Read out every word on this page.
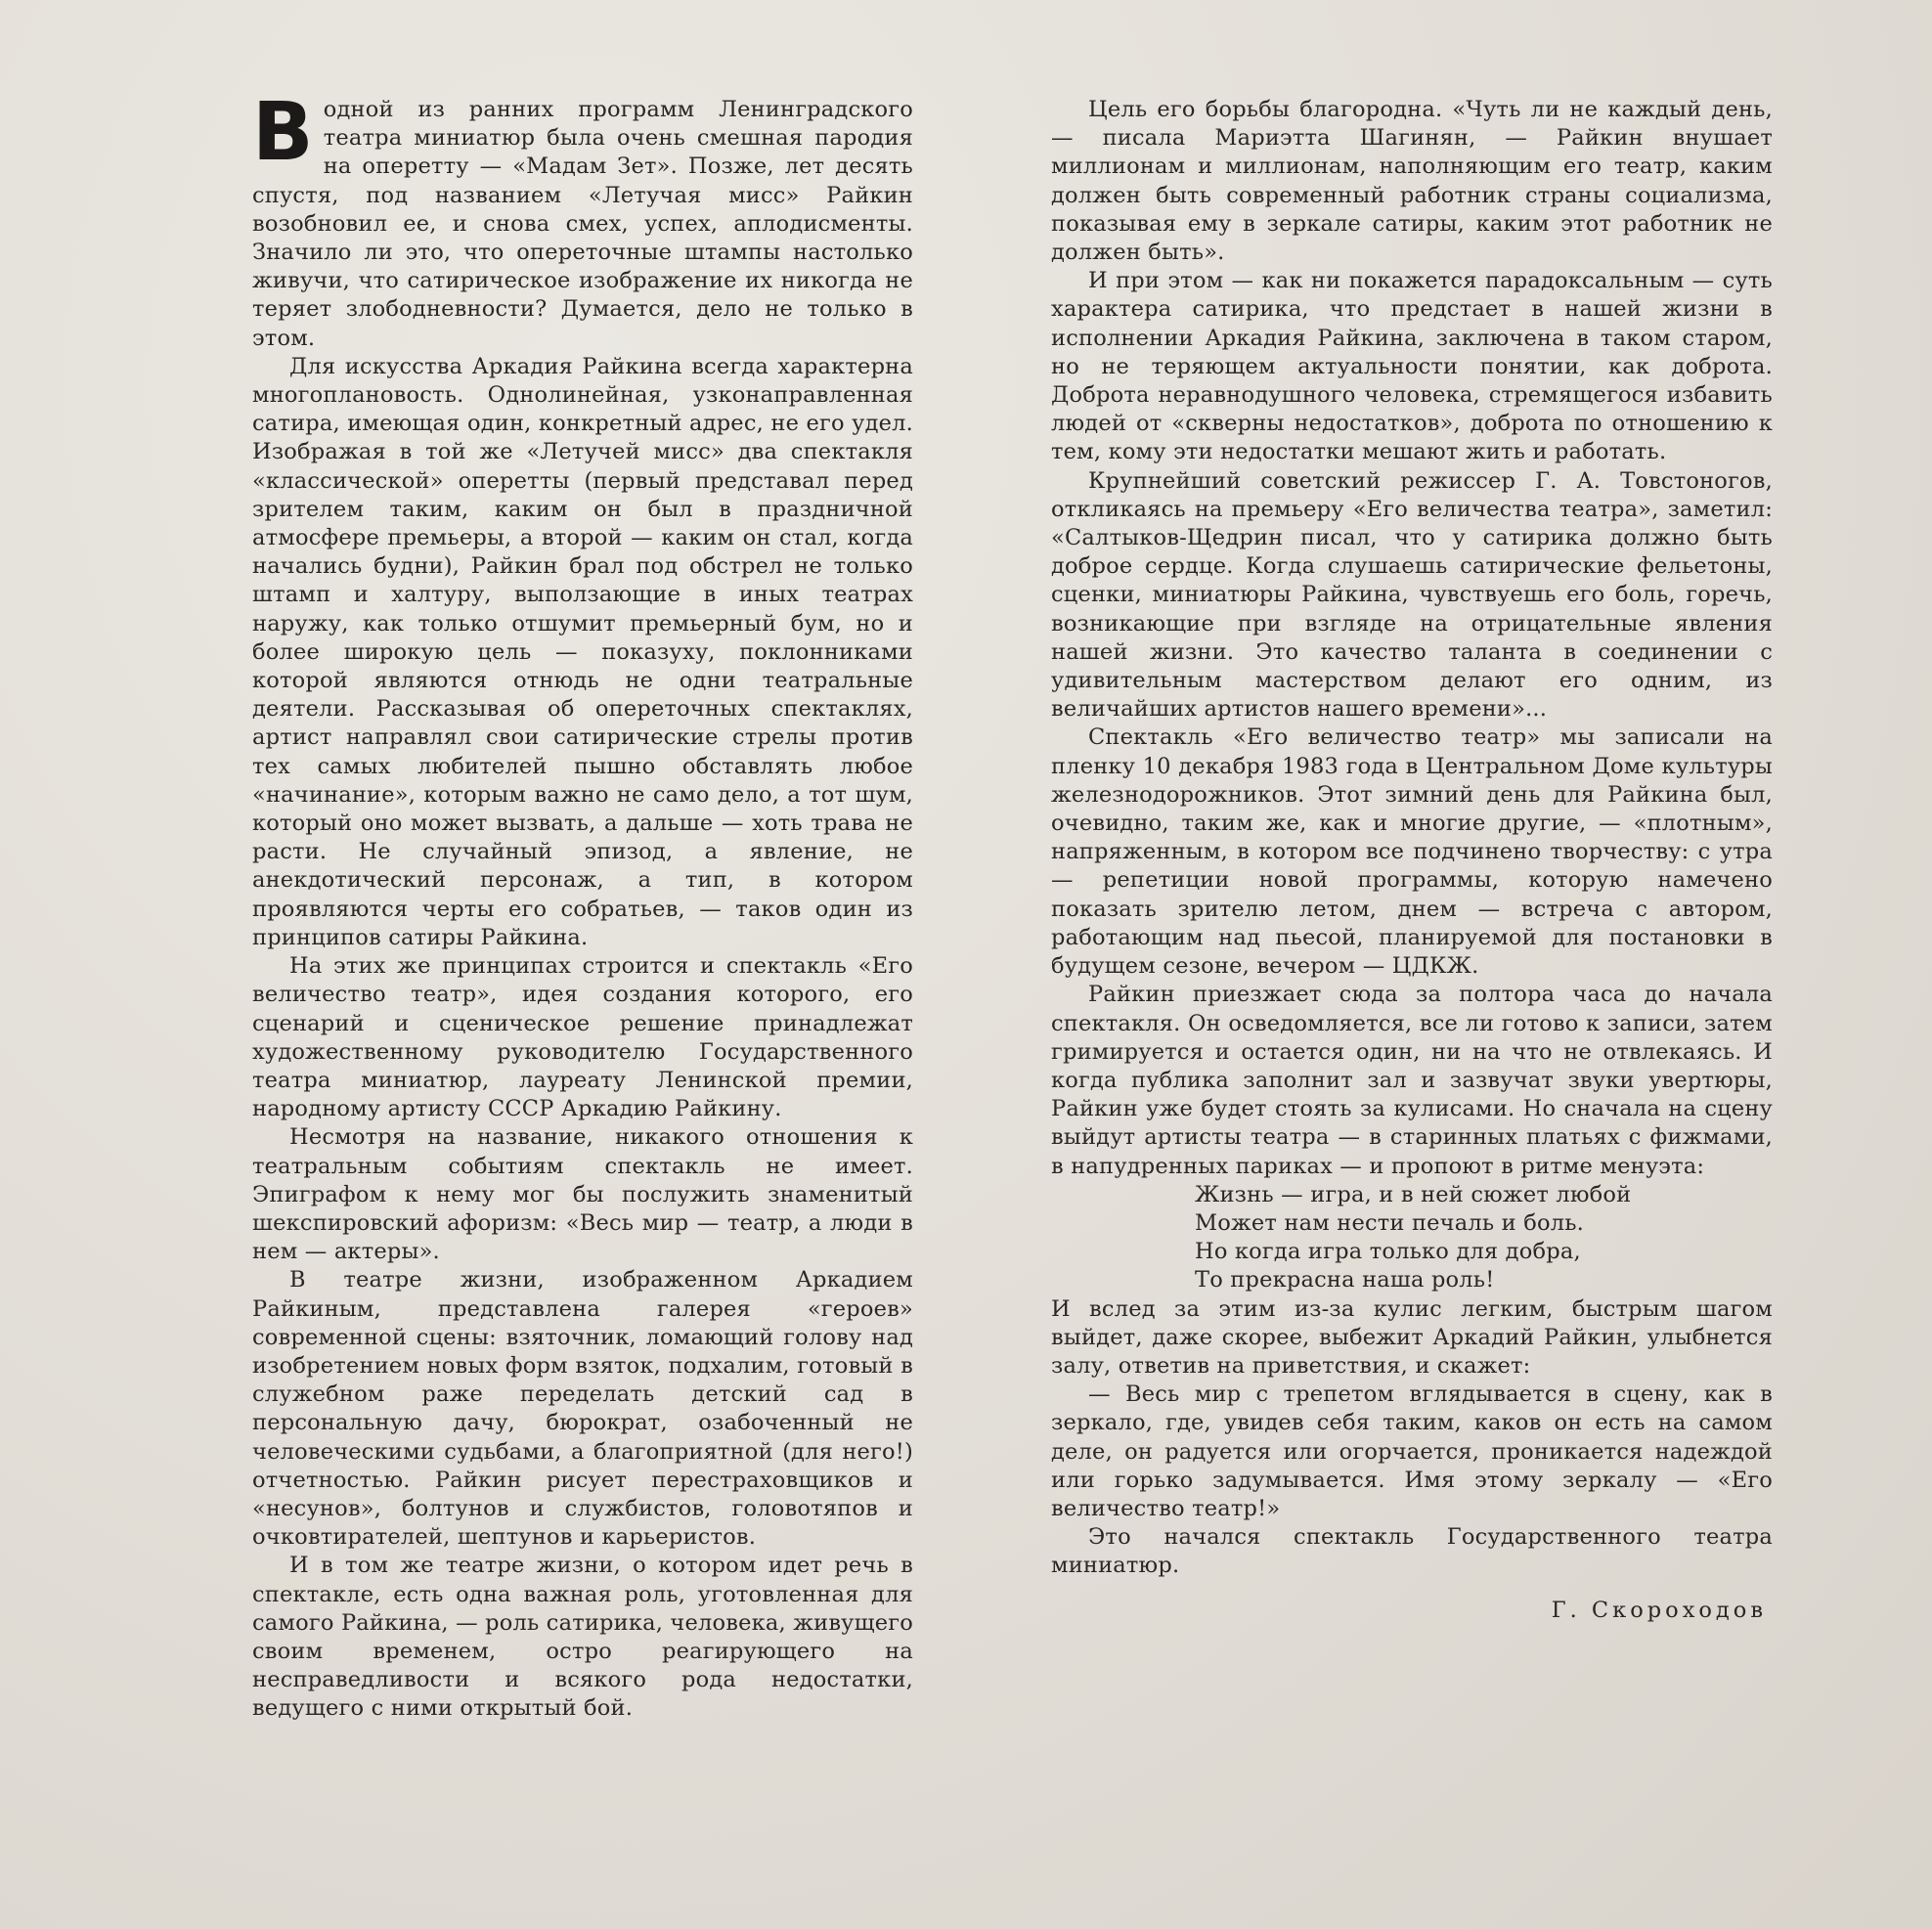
Водной из ранних программ Ленинградского театра миниатюр была очень смешная пародия на оперетту — «Мадам Зет». Позже, лет десять спустя, под названием «Летучая мисс» Райкин возобновил ее, и снова смех, успех, аплодисменты. Значило ли это, что опереточные штампы настолько живучи, что сатирическое изображение их никогда не теряет злободневности? Думается, дело не только в этом.

Для искусства Аркадия Райкина всегда характерна многоплановость. Однолинейная, узконаправленная сатира, имеющая один, конкретный адрес, не его удел. Изображая в той же «Летучей мисс» два спектакля «классической» оперетты (первый представал перед зрителем таким, каким он был в праздничной атмосфере премьеры, а второй — каким он стал, когда начались будни), Райкин брал под обстрел не только штамп и халтуру, выползающие в иных театрах наружу, как только отшумит премьерный бум, но и более широкую цель — показуху, поклонниками которой являются отнюдь не одни театральные деятели. Рассказывая об опереточных спектаклях, артист направлял свои сатирические стрелы против тех самых любителей пышно обставлять любое «начинание», которым важно не само дело, а тот шум, который оно может вызвать, а дальше — хоть трава не расти. Не случайный эпизод, а явление, не анекдотический персонаж, а тип, в котором проявляются черты его собратьев, — таков один из принципов сатиры Райкина.

На этих же принципах строится и спектакль «Его величество театр», идея создания которого, его сценарий и сценическое решение принадлежат художественному руководителю Государственного театра миниатюр, лауреату Ленинской премии, народному артисту СССР Аркадию Райкину.

Несмотря на название, никакого отношения к театральным событиям спектакль не имеет. Эпиграфом к нему мог бы послужить знаменитый шекспировский афоризм: «Весь мир — театр, а люди в нем — актеры».

В театре жизни, изображенном Аркадием Райкиным, представлена галерея «героев» современной сцены: взяточник, ломающий голову над изобретением новых форм взяток, подхалим, готовый в служебном раже переделать детский сад в персональную дачу, бюрократ, озабоченный не человеческими судьбами, а благоприятной (для него!) отчетностью. Райкин рисует перестраховщиков и «несунов», болтунов и службистов, головотяпов и очковтирателей, шептунов и карьеристов.

И в том же театре жизни, о котором идет речь в спектакле, есть одна важная роль, уготовленная для самого Райкина, — роль сатирика, человека, живущего своим временем, остро реагирующего на несправедливости и всякого рода недостатки, ведущего с ними открытый бой.

Цель его борьбы благородна. «Чуть ли не каждый день, — писала Мариэтта Шагинян, — Райкин внушает миллионам и миллионам, наполняющим его театр, каким должен быть современный работник страны социализма, показывая ему в зеркале сатиры, каким этот работник не должен быть».

И при этом — как ни покажется парадоксальным — суть характера сатирика, что предстает в нашей жизни в исполнении Аркадия Райкина, заключена в таком старом, но не теряющем актуальности понятии, как доброта. Доброта неравнодушного человека, стремящегося избавить людей от «скверны недостатков», доброта по отношению к тем, кому эти недостатки мешают жить и работать.

Крупнейший советский режиссер Г. А. Товстоногов, откликаясь на премьеру «Его величества театра», заметил: «Салтыков-Щедрин писал, что у сатирика должно быть доброе сердце. Когда слушаешь сатирические фельетоны, сценки, миниатюры Райкина, чувствуешь его боль, горечь, возникающие при взгляде на отрицательные явления нашей жизни. Это качество таланта в соединении с удивительным мастерством делают его одним, из величайших артистов нашего времени»...

Спектакль «Его величество театр» мы записали на пленку 10 декабря 1983 года в Центральном Доме культуры железнодорожников. Этот зимний день для Райкина был, очевидно, таким же, как и многие другие, — «плотным», напряженным, в котором все подчинено творчеству: с утра — репетиции новой программы, которую намечено показать зрителю летом, днем — встреча с автором, работающим над пьесой, планируемой для постановки в будущем сезоне, вечером — ЦДКЖ.

Райкин приезжает сюда за полтора часа до начала спектакля. Он осведомляется, все ли готово к записи, затем гримируется и остается один, ни на что не отвлекаясь. И когда публика заполнит зал и зазвучат звуки увертюры, Райкин уже будет стоять за кулисами. Но сначала на сцену выйдут артисты театра — в старинных платьях с фижмами, в напудренных париках — и пропоют в ритме менуэта:

Жизнь — игра, и в ней сюжет любой
Может нам нести печаль и боль.
Но когда игра только для добра,
То прекрасна наша роль!

И вслед за этим из-за кулис легким, быстрым шагом выйдет, даже скорее, выбежит Аркадий Райкин, улыбнется залу, ответив на приветствия, и скажет:

— Весь мир с трепетом вглядывается в сцену, как в зеркало, где, увидев себя таким, каков он есть на самом деле, он радуется или огорчается, проникается надеждой или горько задумывается. Имя этому зеркалу — «Его величество театр!»

Это начался спектакль Государственного театра миниатюр.

Г. Скороходов
